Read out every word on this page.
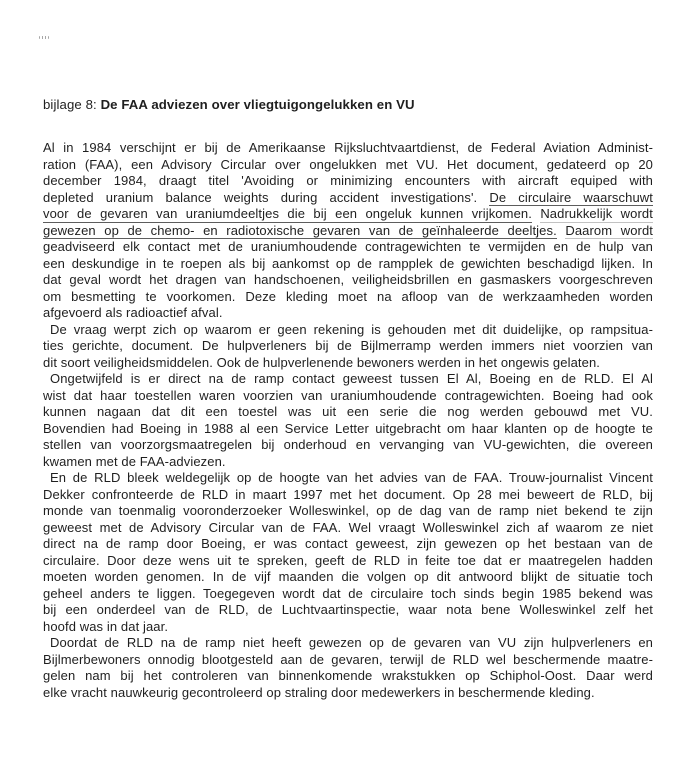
bijlage 8: De FAA adviezen over vliegtuigongelukken en VU
Al in 1984 verschijnt er bij de Amerikaanse Rijksluchtvaartdienst, de Federal Aviation Administ-
ration (FAA), een Advisory Circular over ongelukken met VU. Het document, gedateerd op 20
december 1984, draagt titel 'Avoiding or minimizing encounters with aircraft equiped with
depleted uranium balance weights during accident investigations'. De circulaire waarschuwt
voor de gevaren van uraniumdeeltjes die bij een ongeluk kunnen vrijkomen. Nadrukkelijk wordt
gewezen op de chemo- en radiotoxische gevaren van de geïnhaleerde deeltjes. Daarom wordt
geadviseerd elk contact met de uraniumhoudende contragewichten te vermijden en de hulp van
een deskundige in te roepen als bij aankomst op de rampplek de gewichten beschadigd lijken. In
dat geval wordt het dragen van handschoenen, veiligheidsbrillen en gasmaskers voorgeschreven
om besmetting te voorkomen. Deze kleding moet na afloop van de werkzaamheden worden
afgevoerd als radioactief afval.
De vraag werpt zich op waarom er geen rekening is gehouden met dit duidelijke, op rampsitua-
ties gerichte, document. De hulpverleners bij de Bijlmerramp werden immers niet voorzien van
dit soort veiligheidsmiddelen. Ook de hulpverlenende bewoners werden in het ongewis gelaten.
Ongetwijfeld is er direct na de ramp contact geweest tussen El Al, Boeing en de RLD. El Al
wist dat haar toestellen waren voorzien van uraniumhoudende contragewichten. Boeing had ook
kunnen nagaan dat dit een toestel was uit een serie die nog werden gebouwd met VU.
Bovendien had Boeing in 1988 al een Service Letter uitgebracht om haar klanten op de hoogte te
stellen van voorzorgsmaatregelen bij onderhoud en vervanging van VU-gewichten, die overeen
kwamen met de FAA-adviezen.
En de RLD bleek weldegelijk op de hoogte van het advies van de FAA. Trouw-journalist Vincent
Dekker confronteerde de RLD in maart 1997 met het document. Op 28 mei beweert de RLD, bij
monde van toenmalig vooronderzoeker Wolleswinkel, op de dag van de ramp niet bekend te zijn
geweest met de Advisory Circular van de FAA. Wel vraagt Wolleswinkel zich af waarom ze niet
direct na de ramp door Boeing, er was contact geweest, zijn gewezen op het bestaan van de
circulaire. Door deze wens uit te spreken, geeft de RLD in feite toe dat er maatregelen hadden
moeten worden genomen. In de vijf maanden die volgen op dit antwoord blijkt de situatie toch
geheel anders te liggen. Toegegeven wordt dat de circulaire toch sinds begin 1985 bekend was
bij een onderdeel van de RLD, de Luchtvaartinspectie, waar nota bene Wolleswinkel zelf het
hoofd was in dat jaar.
Doordat de RLD na de ramp niet heeft gewezen op de gevaren van VU zijn hulpverleners en
Bijlmerbewoners onnodig blootgesteld aan de gevaren, terwijl de RLD wel beschermende maatre-
gelen nam bij het controleren van binnenkomende wrakstukken op Schiphol-Oost. Daar werd
elke vracht nauwkeurig gecontroleerd op straling door medewerkers in beschermende kleding.
